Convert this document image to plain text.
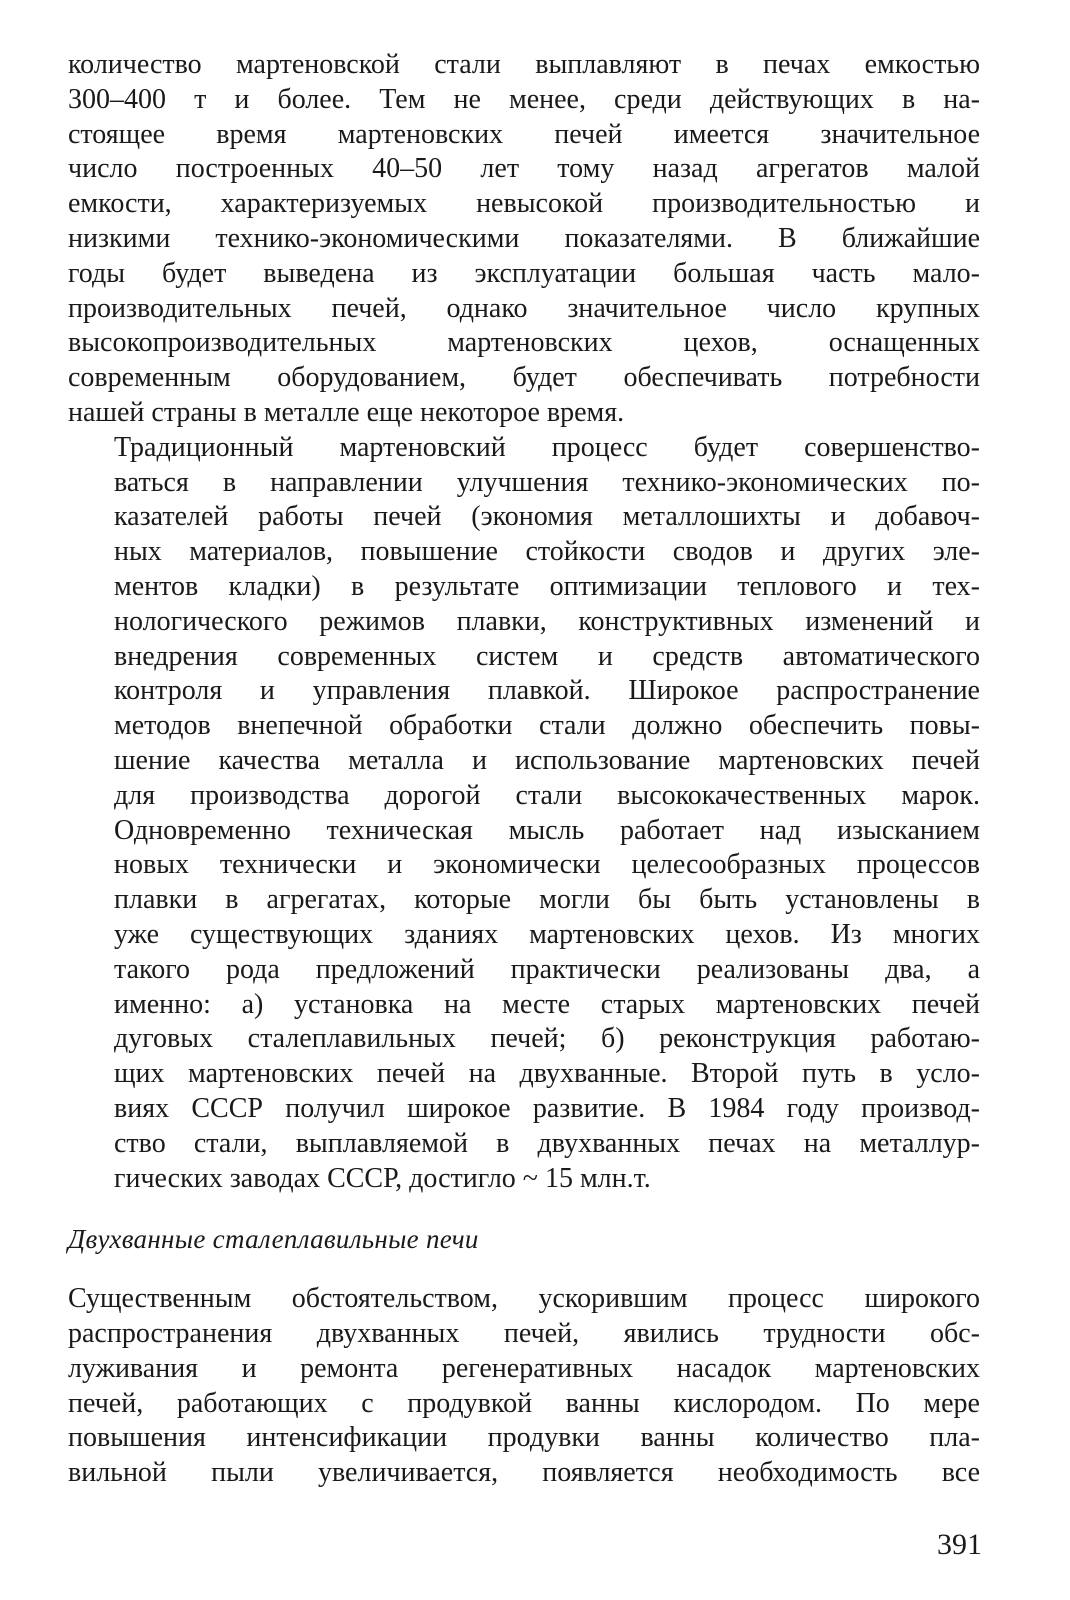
количество мартеновской стали выплавляют в печах емкостью
300–400 т и более. Тем не менее, среди действующих в на-
стоящее время мартеновских печей имеется значительное
число построенных 40–50 лет тому назад агрегатов малой
емкости, характеризуемых невысокой производительностью и
низкими технико-экономическими показателями. В ближайшие
годы будет выведена из эксплуатации большая часть мало-
производительных печей, однако значительное число крупных
высокопроизводительных мартеновских цехов, оснащенных
современным оборудованием, будет обеспечивать потребности
нашей страны в металле еще некоторое время.
Традиционный мартеновский процесс будет совершенство-
ваться в направлении улучшения технико-экономических по-
казателей работы печей (экономия металлошихты и добавоч-
ных материалов, повышение стойкости сводов и других эле-
ментов кладки) в результате оптимизации теплового и тех-
нологического режимов плавки, конструктивных изменений и
внедрения современных систем и средств автоматического
контроля и управления плавкой. Широкое распространение
методов внепечной обработки стали должно обеспечить повы-
шение качества металла и использование мартеновских печей
для производства дорогой стали высококачественных марок.
Одновременно техническая мысль работает над изысканием
новых технически и экономически целесообразных процессов
плавки в агрегатах, которые могли бы быть установлены в
уже существующих зданиях мартеновских цехов. Из многих
такого рода предложений практически реализованы два, а
именно: а) установка на месте старых мартеновских печей
дуговых сталеплавильных печей; б) реконструкция работаю-
щих мартеновских печей на двухванные. Второй путь в усло-
виях СССР получил широкое развитие. В 1984 году производ-
ство стали, выплавляемой в двухванных печах на металлур-
гических заводах СССР, достигло ~ 15 млн.т.
Двухванные сталеплавильные печи
Существенным обстоятельством, ускорившим процесс широкого
распространения двухванных печей, явились трудности обс-
луживания и ремонта регенеративных насадок мартеновских
печей, работающих с продувкой ванны кислородом. По мере
повышения интенсификации продувки ванны количество пла-
вильной пыли увеличивается, появляется необходимость все
391
